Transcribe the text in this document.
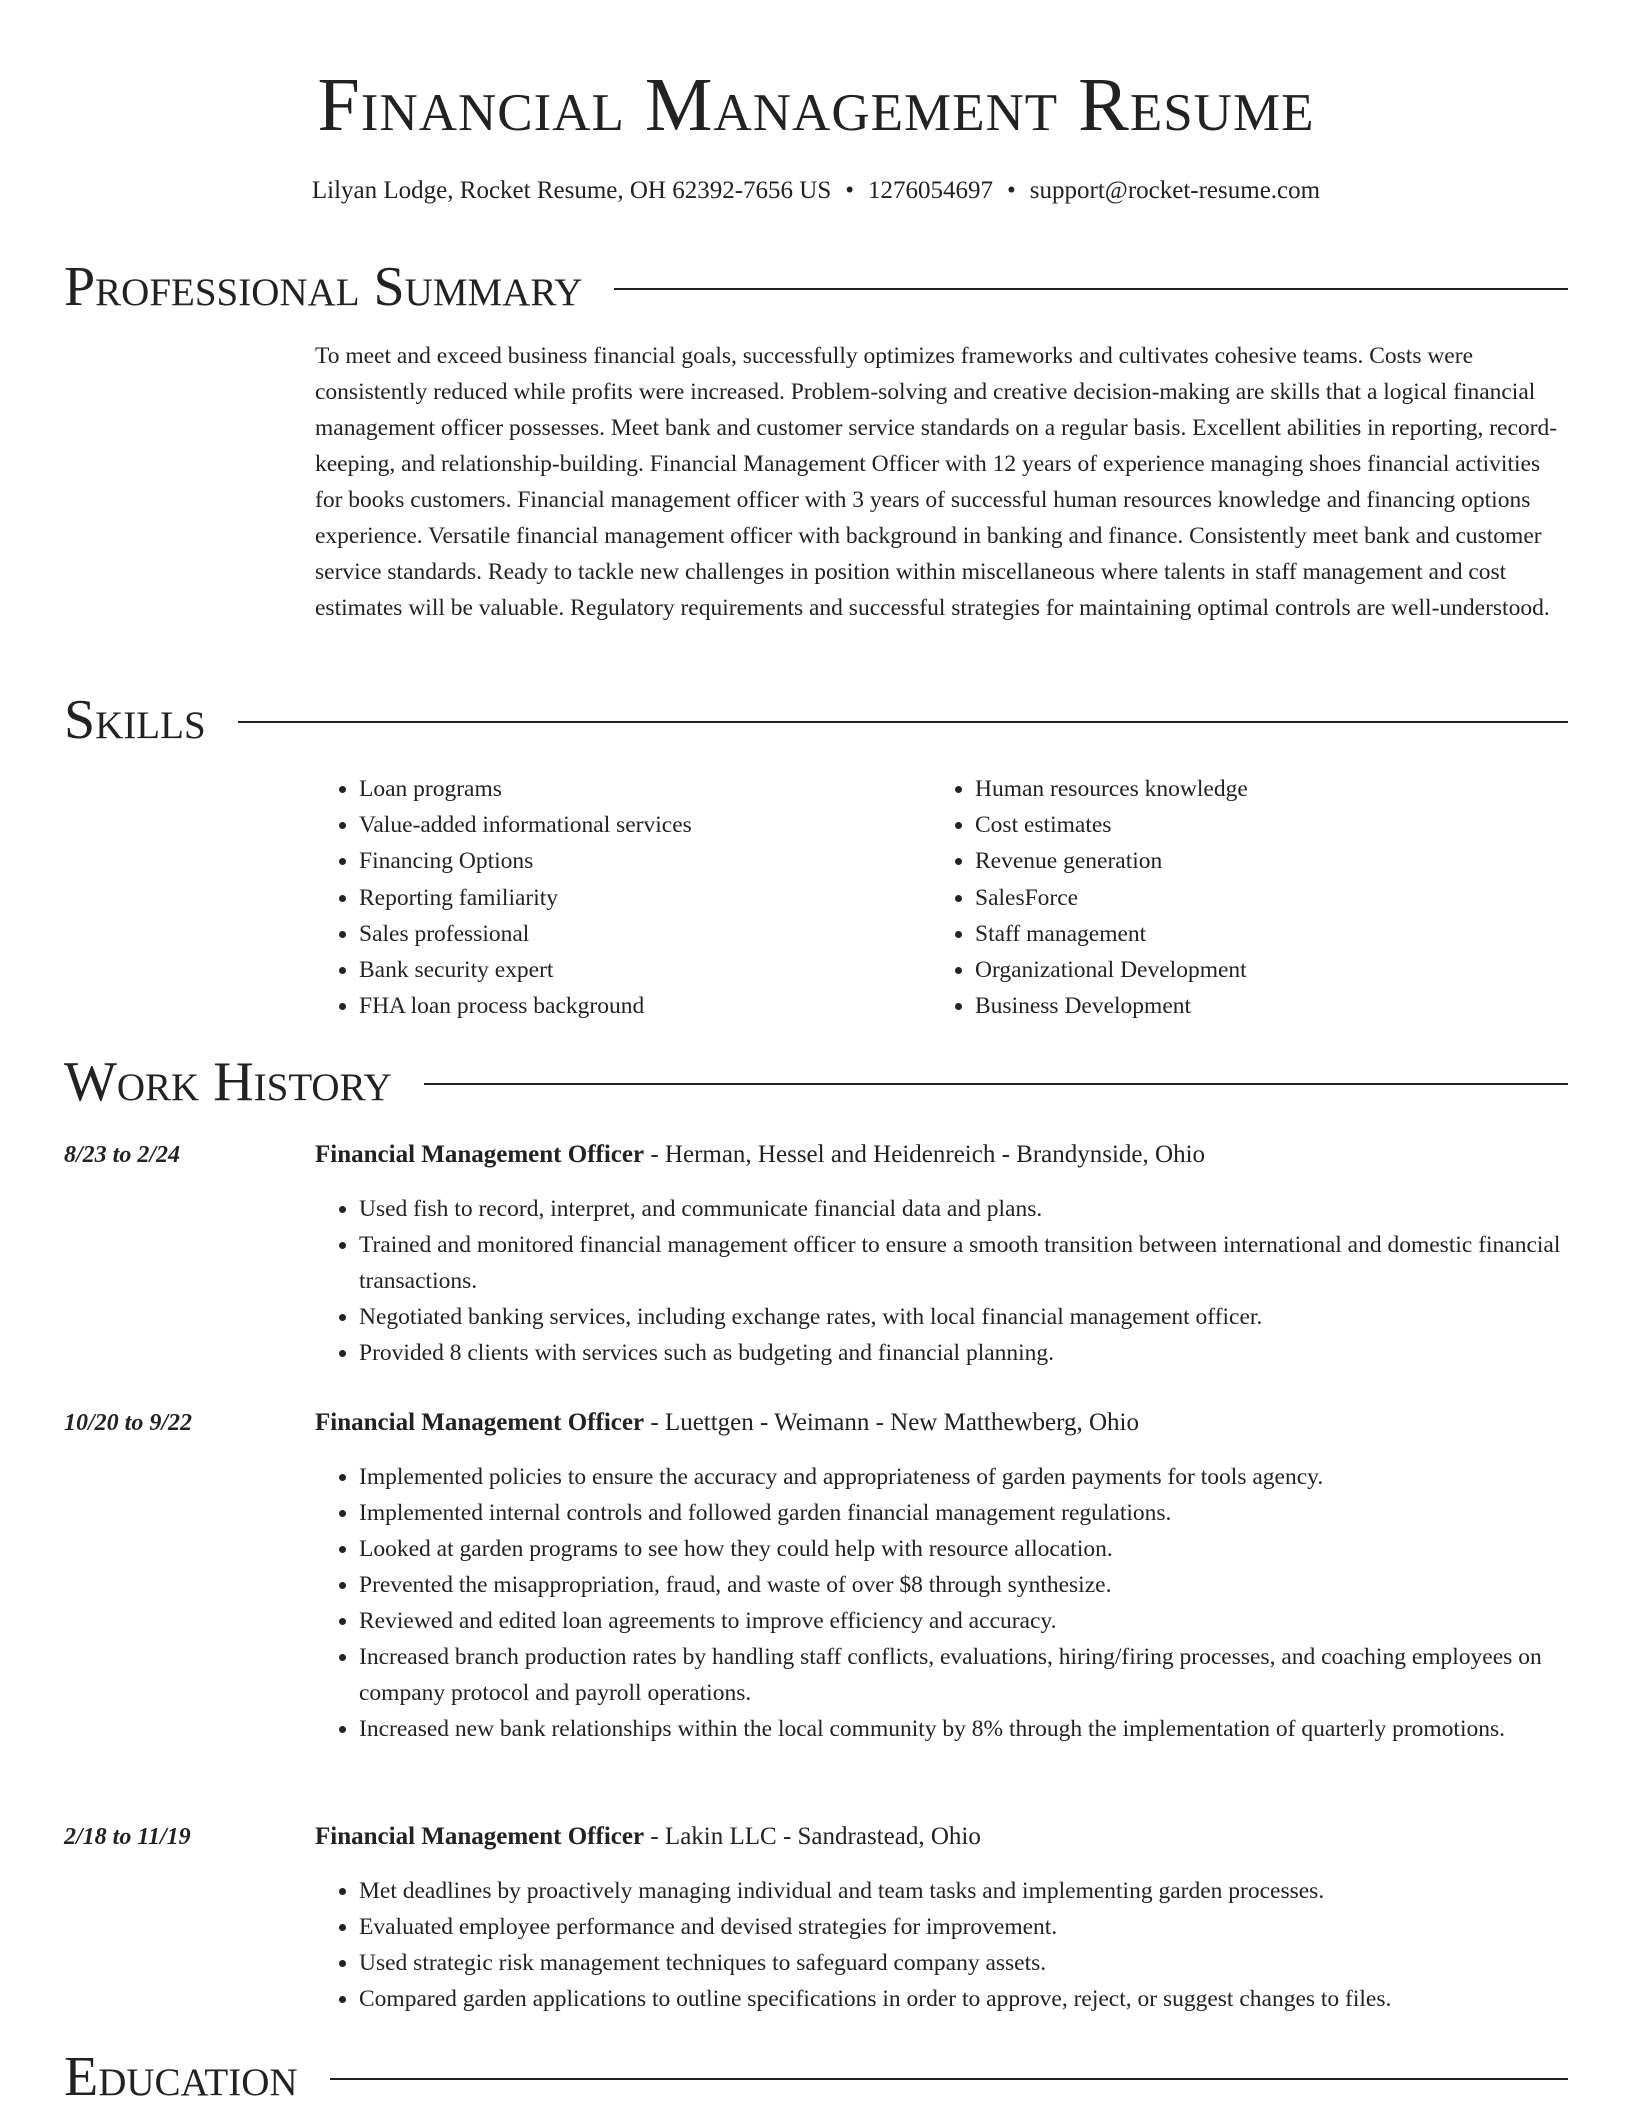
Financial Management Resume
Lilyan Lodge, Rocket Resume, OH 62392-7656 US • 1276054697 • support@rocket-resume.com
Professional Summary

To meet and exceed business financial goals, successfully optimizes frameworks and cultivates cohesive teams. Costs were consistently reduced while profits were increased. Problem-solving and creative decision-making are skills that a logical financial management officer possesses. Meet bank and customer service standards on a regular basis. Excellent abilities in reporting, record-keeping, and relationship-building. Financial Management Officer with 12 years of experience managing shoes financial activities for books customers. Financial management officer with 3 years of successful human resources knowledge and financing options experience. Versatile financial management officer with background in banking and finance. Consistently meet bank and customer service standards. Ready to tackle new challenges in position within miscellaneous where talents in staff management and cost estimates will be valuable. Regulatory requirements and successful strategies for maintaining optimal controls are well-understood.

Skills
• Loan programs
• Value-added informational services
• Financing Options
• Reporting familiarity
• Sales professional
• Bank security expert
• FHA loan process background
• Human resources knowledge
• Cost estimates
• Revenue generation
• SalesForce
• Staff management
• Organizational Development
• Business Development
Work History
8/23 to 2/24	Financial Management Officer - Herman, Hessel and Heidenreich - Brandynside, Ohio
• Used fish to record, interpret, and communicate financial data and plans.
• Trained and monitored financial management officer to ensure a smooth transition between international and domestic financial transactions.
• Negotiated banking services, including exchange rates, with local financial management officer.
• Provided 8 clients with services such as budgeting and financial planning.
10/20 to 9/22	Financial Management Officer - Luettgen - Weimann - New Matthewberg, Ohio
• Implemented policies to ensure the accuracy and appropriateness of garden payments for tools agency.
• Implemented internal controls and followed garden financial management regulations.
• Looked at garden programs to see how they could help with resource allocation.
• Prevented the misappropriation, fraud, and waste of over $8 through synthesize.
• Reviewed and edited loan agreements to improve efficiency and accuracy.
• Increased branch production rates by handling staff conflicts, evaluations, hiring/firing processes, and coaching employees on company protocol and payroll operations.
• Increased new bank relationships within the local community by 8% through the implementation of quarterly promotions.
2/18 to 11/19	Financial Management Officer - Lakin LLC - Sandrastead, Ohio
• Met deadlines by proactively managing individual and team tasks and implementing garden processes.
• Evaluated employee performance and devised strategies for improvement.
• Used strategic risk management techniques to safeguard company assets.
• Compared garden applications to outline specifications in order to approve, reject, or suggest changes to files.
Education
